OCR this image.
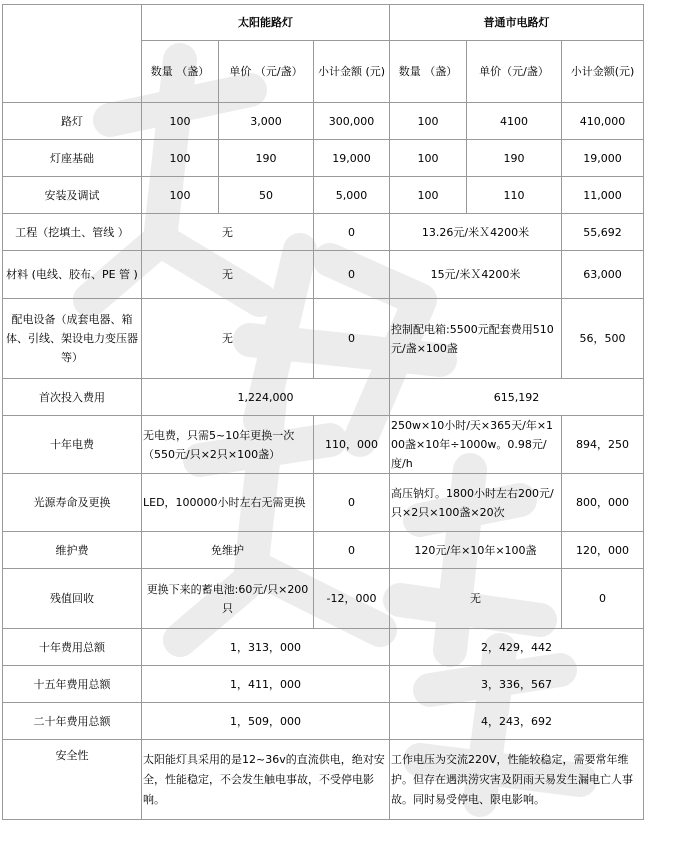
	太阳能路灯			普通市电路灯		
	数量 （盏）	单价 （元/盏）	小计金额 (元)	数量 （盏）	单价（元/盏）	小计金额(元)
路灯	100	3,000	300,000	100	4100	410,000
灯座基础	100	190	19,000	100	190	19,000
安装及调试	100	50	5,000	100	110	11,000
工程（挖填土、管线 ）	无		0	13.26元/米Ｘ4200米		55,692
材料 (电线、胶布、PE 管 )	无		0	15元/米Ｘ4200米		63,000
配电设备（成套电器、箱体、引线、架设电力变压器等）	无		0	控制配电箱:5500元配套费用510元/盏×100盏		56，500
首次投入费用	1,224,000			615,192		
十年电费	无电费，只需5~10年更换一次（550元/只×2只×100盏）		110，000	250w×10小时/天×365天/年×100盏×10年÷1000w。0.98元/度/h		894，250
光源寿命及更换	LED，100000小时左右无需更换		0	高压钠灯。1800小时左右200元/只×2只×100盏×20次		800，000
维护费	免维护		0	120元/年×10年×100盏		120，000
残值回收	更换下来的蓄电池:60元/只×200只		-12，000	无		0
十年费用总额	1，313，000			2，429，442		
十五年费用总额	1，411，000			3，336，567		
二十年费用总额	1，509，000			4，243，692		
安全性	太阳能灯具采用的是12~36v的直流供电，绝对安全，性能稳定，不会发生触电事故，不受停电影响。			工作电压为交流220V，性能较稳定，需要常年维护。但存在遇洪涝灾害及阴雨天易发生漏电亡人事故。同时易受停电、限电影响。		
